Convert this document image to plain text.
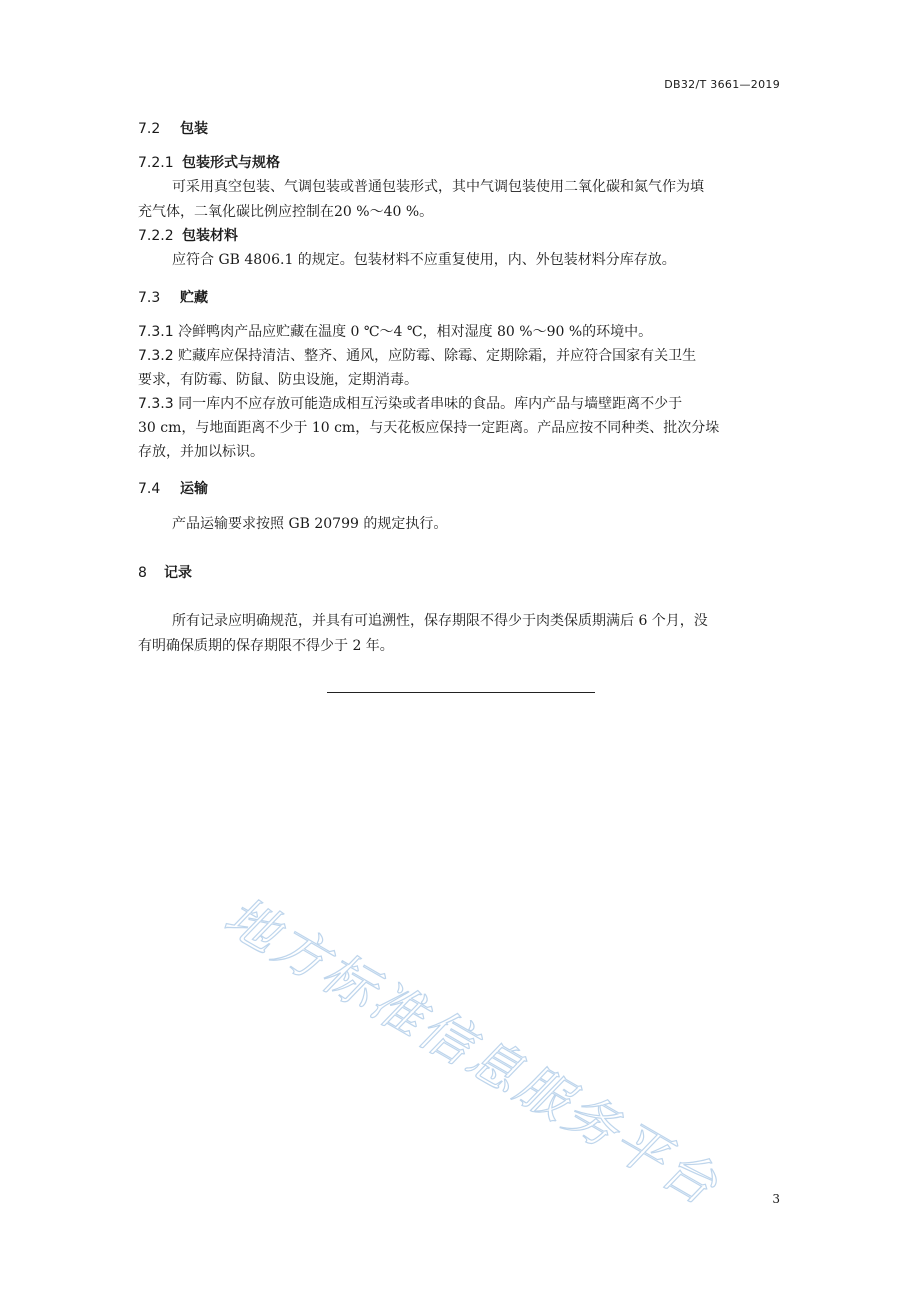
DB32/T 3661—2019
7.2 包装
7.2.1 包装形式与规格
可采用真空包装、气调包装或普通包装形式，其中气调包装使用二氧化碳和氮气作为填
充气体，二氧化碳比例应控制在20 %～40 %。
7.2.2 包装材料
应符合 GB 4806.1 的规定。包装材料不应重复使用，内、外包装材料分库存放。
7.3 贮藏
7.3.1 冷鲜鸭肉产品应贮藏在温度 0 ℃～4 ℃，相对湿度 80 %～90 %的环境中。
7.3.2 贮藏库应保持清洁、整齐、通风，应防霉、除霉、定期除霜，并应符合国家有关卫生
要求，有防霉、防鼠、防虫设施，定期消毒。
7.3.3 同一库内不应存放可能造成相互污染或者串味的食品。库内产品与墙壁距离不少于
30 cm，与地面距离不少于 10 cm，与天花板应保持一定距离。产品应按不同种类、批次分垛
存放，并加以标识。
7.4 运输
产品运输要求按照 GB 20799 的规定执行。
8 记录
所有记录应明确规范，并具有可追溯性，保存期限不得少于肉类保质期满后 6 个月，没
有明确保质期的保存期限不得少于 2 年。
地方标准信息服务平台	3
